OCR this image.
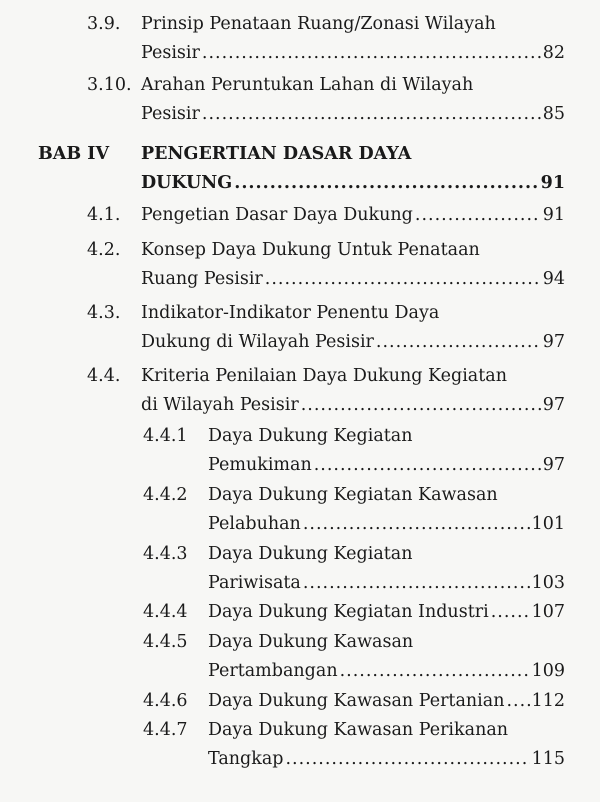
3.9. Prinsip Penataan Ruang/Zonasi Wilayah
Pesisir .....	82
3.10. Arahan Peruntukan Lahan di Wilayah
Pesisir .....	85
BAB IV PENGERTIAN DASAR DAYA
DUKUNG .....	91
4.1. Pengetian Dasar Daya Dukung .....	91
4.2. Konsep Daya Dukung Untuk Penataan
Ruang Pesisir .....	94
4.3. Indikator-Indikator Penentu Daya
Dukung di Wilayah Pesisir .....	97
4.4. Kriteria Penilaian Daya Dukung Kegiatan
di Wilayah Pesisir .....	97
4.4.1 Daya Dukung Kegiatan
Pemukiman .....	97
4.4.2 Daya Dukung Kegiatan Kawasan
Pelabuhan .....	101
4.4.3 Daya Dukung Kegiatan
Pariwisata .....	103
4.4.4 Daya Dukung Kegiatan Industri ..... 107
4.4.5 Daya Dukung Kawasan
Pertambangan .....	109
4.4.6 Daya Dukung Kawasan Pertanian ..... 112
4.4.7 Daya Dukung Kawasan Perikanan
Tangkap .....	115
